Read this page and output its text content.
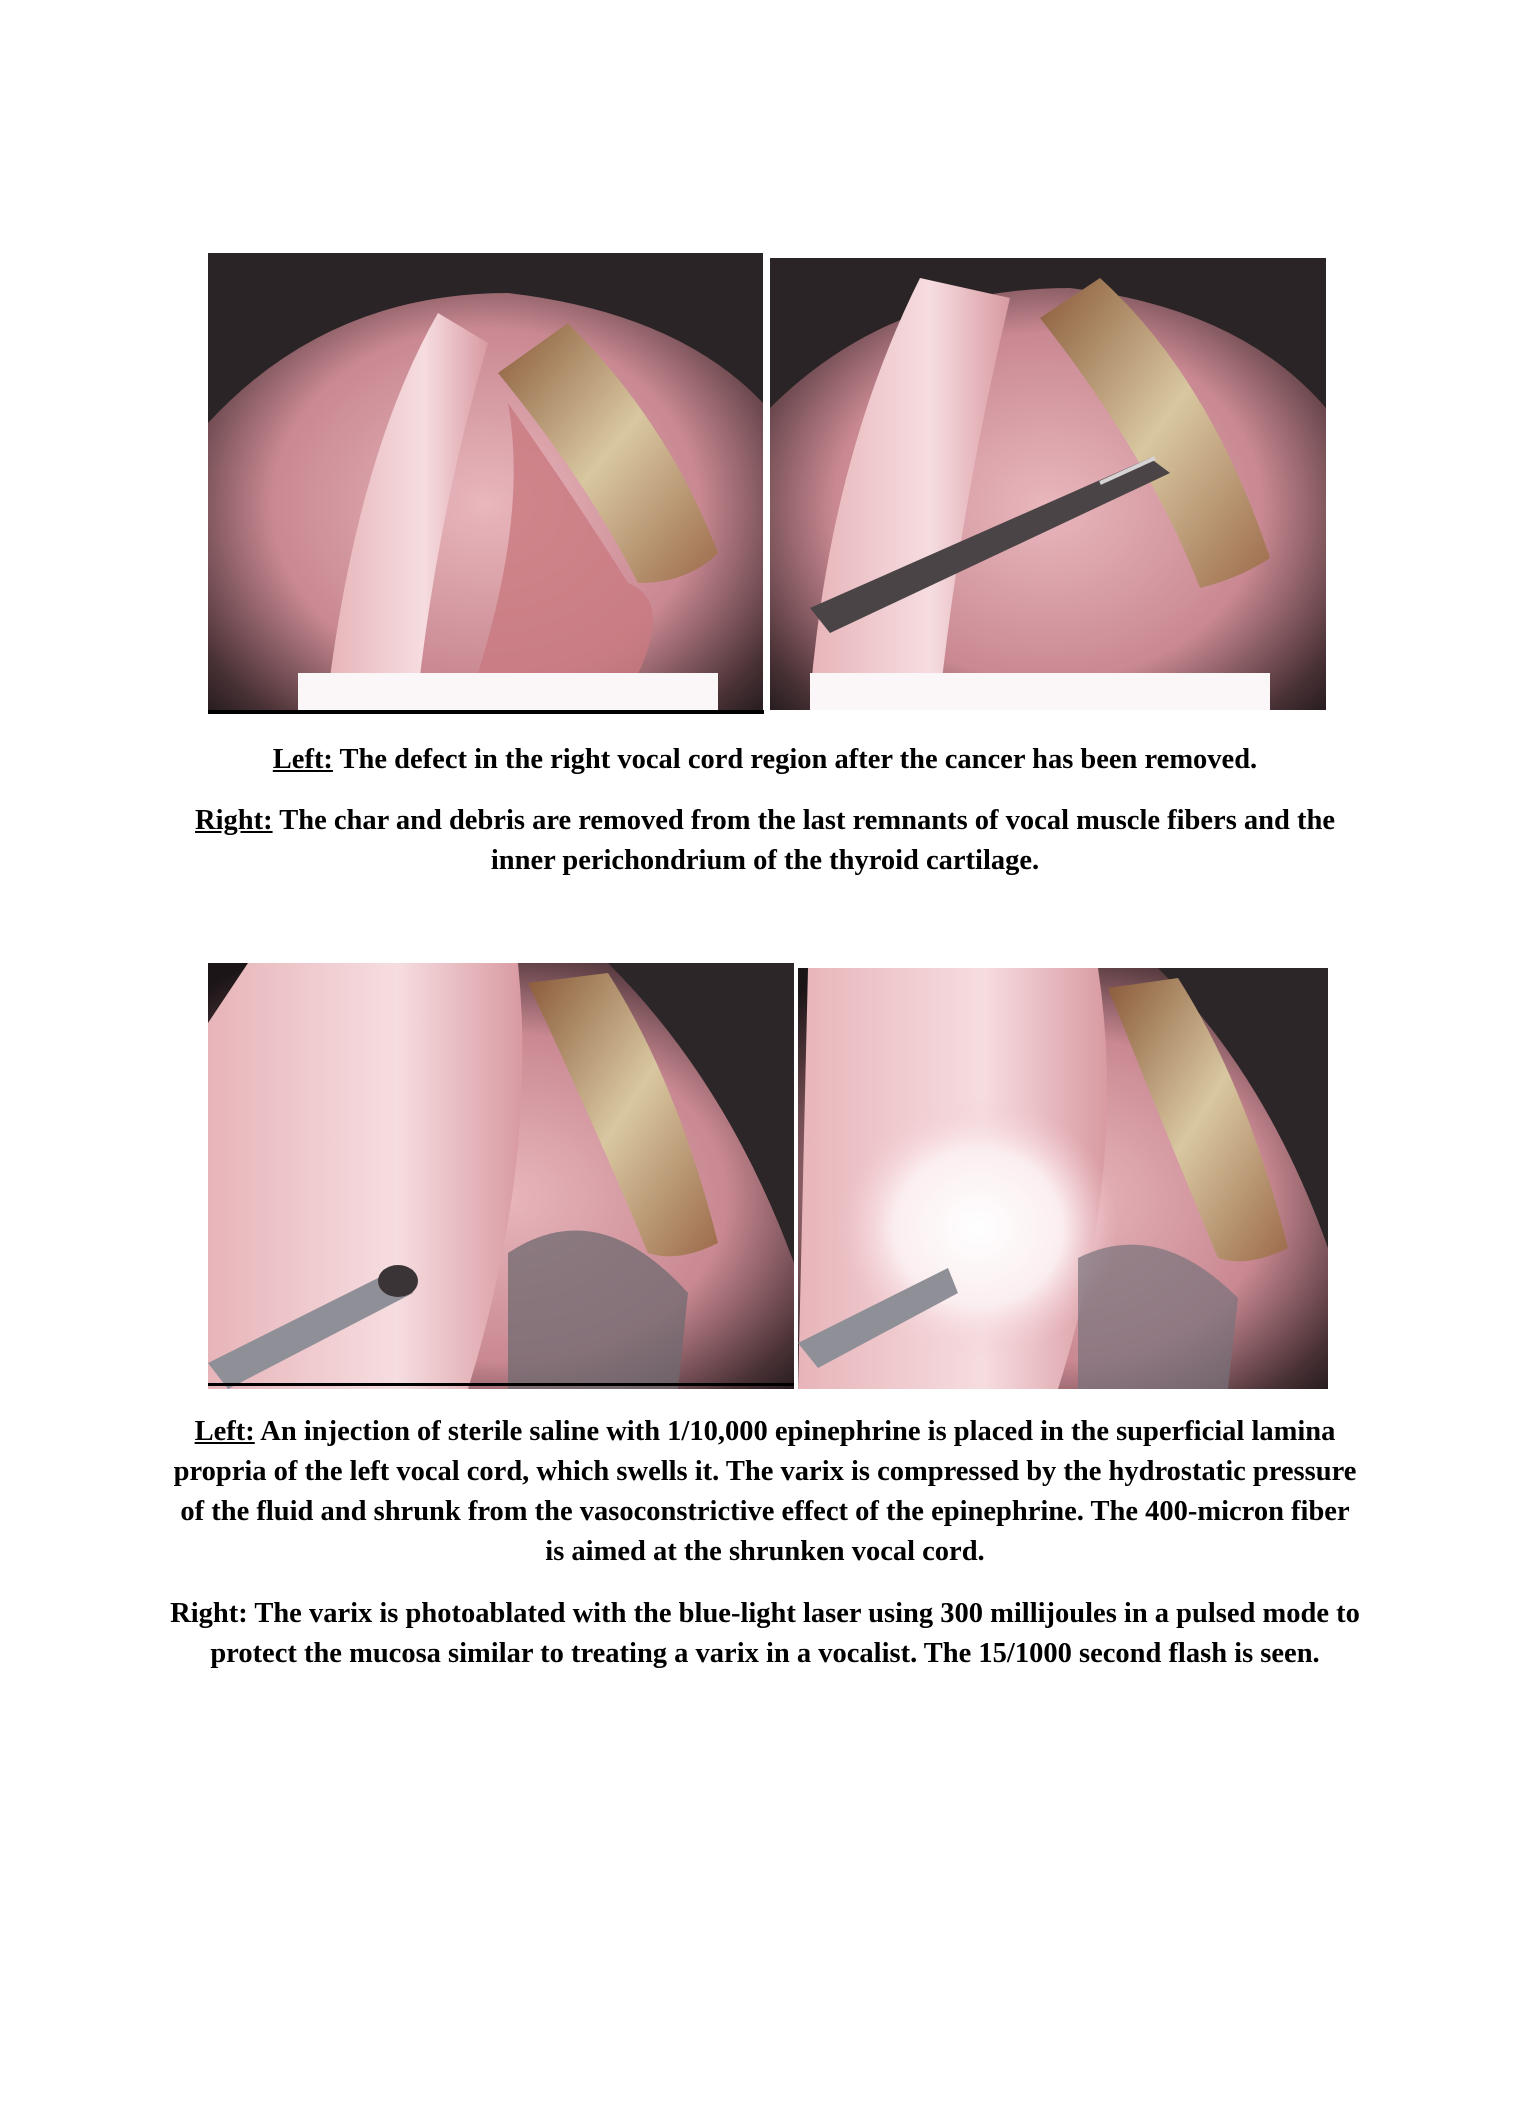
Left: The defect in the right vocal cord region after the cancer has been removed.
Right: The char and debris are removed from the last remnants of vocal muscle fibers and the inner perichondrium of the thyroid cartilage.
Left: An injection of sterile saline with 1/10,000 epinephrine is placed in the superficial lamina propria of the left vocal cord, which swells it. The varix is compressed by the hydrostatic pressure of the fluid and shrunk from the vasoconstrictive effect of the epinephrine. The 400-micron fiber is aimed at the shrunken vocal cord.
Right: The varix is photoablated with the blue-light laser using 300 millijoules in a pulsed mode to protect the mucosa similar to treating a varix in a vocalist. The 15/1000 second flash is seen.
